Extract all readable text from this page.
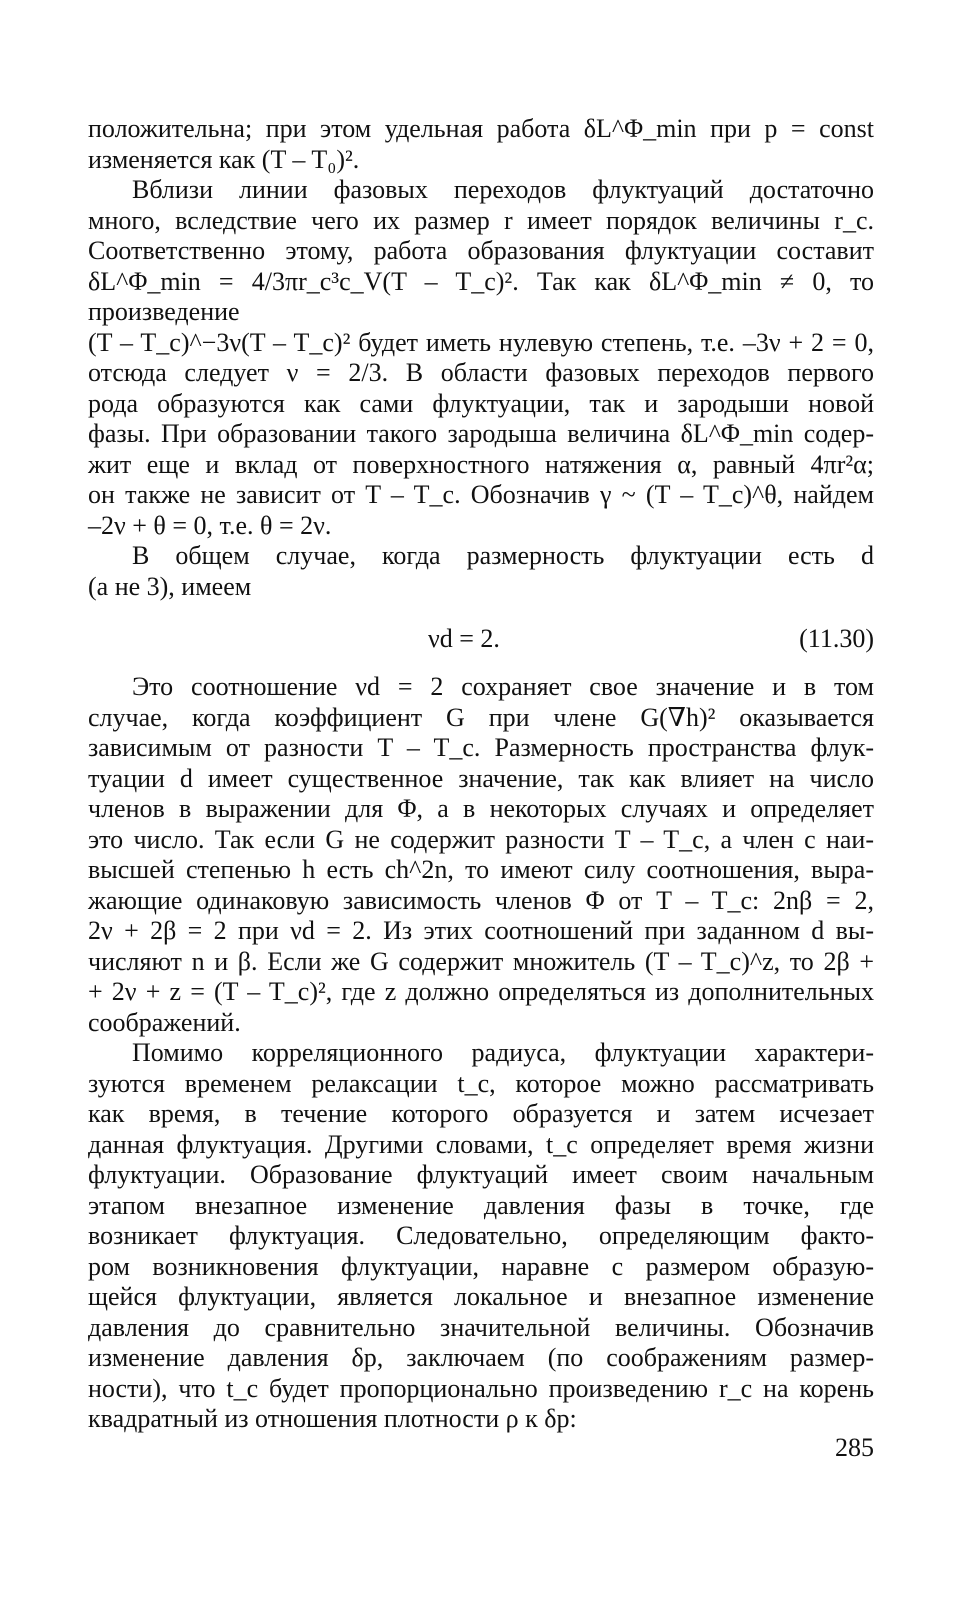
положительна; при этом удельная работа δL^Φ_min при p = const

изменяется как (T – T₀)².

Вблизи линии фазовых переходов флуктуаций достаточно

много, вследствие чего их размер r имеет порядок величины r_c.

Соответственно этому, работа образования флуктуации составит

δL^Φ_min = 4/3πr_c³c_V(T – T_c)². Так как δL^Φ_min ≠ 0, то произведение

(T – T_c)^−3ν(T – T_c)² будет иметь нулевую степень, т.е. –3ν + 2 = 0,

отсюда следует ν = 2/3. В области фазовых переходов первого

рода образуются как сами флуктуации, так и зародыши новой

фазы. Пpи образовании такого зародыша величина δL^Φ_min содер-

жит еще и вклад от поверхностного натяжения α, равный 4πr²α;

он также не зависит от T – T_c. Обозначив γ ~ (T – T_c)^θ, найдем

–2ν + θ = 0, т.е. θ = 2ν.

В общем случае, когда размерность флуктуации есть d

(а не 3), имеем

νd = 2.	(11.30)

Это соотношение νd = 2 сохраняет свое значение и в том

случае, когда коэффициент G при члене G(∇h)² оказывается

зависимым от разности T – T_c. Размерность пространства флук-

туации d имеет существенное значение, так как влияет на число

членов в выражении для Φ, а в некоторых случаях и определяет

это число. Так если G не содержит разности T – T_c, а член с наи-

высшей степенью h есть ch^2n, то имеют силу соотношения, выра-

жающие одинаковую зависимость членов Φ от T – T_c: 2nβ = 2,

2ν + 2β = 2 при νd = 2. Из этих соотношений при заданном d вы-

числяют n и β. Если же G содержит множитель (T – T_c)^z, то 2β +

+ 2ν + z = (T – T_c)², где z должно определяться из дополнительных

соображений.

Помимо корреляционного радиуса, флуктуации характери-

зуются временем релаксации t_c, которое можно рассматривать

как время, в течение которого образуется и затем исчезает

данная флуктуация. Другими словами, t_c определяет время жизни

флуктуации. Образование флуктуаций имеет своим начальным

этапом внезапное изменение давления фазы в точке, где

возникает флуктуация. Следовательно, определяющим факто-

ром возникновения флуктуации, наравне с размером образую-

щейся флуктуации, является локальное и внезапное изменение

давления до сравнительно значительной величины. Обозначив

изменение давления δp, заключаем (по соображениям размер-

ности), что t_c будет пропорционально произведению r_c на корень

квадратный из отношения плотности ρ к δp:

285
